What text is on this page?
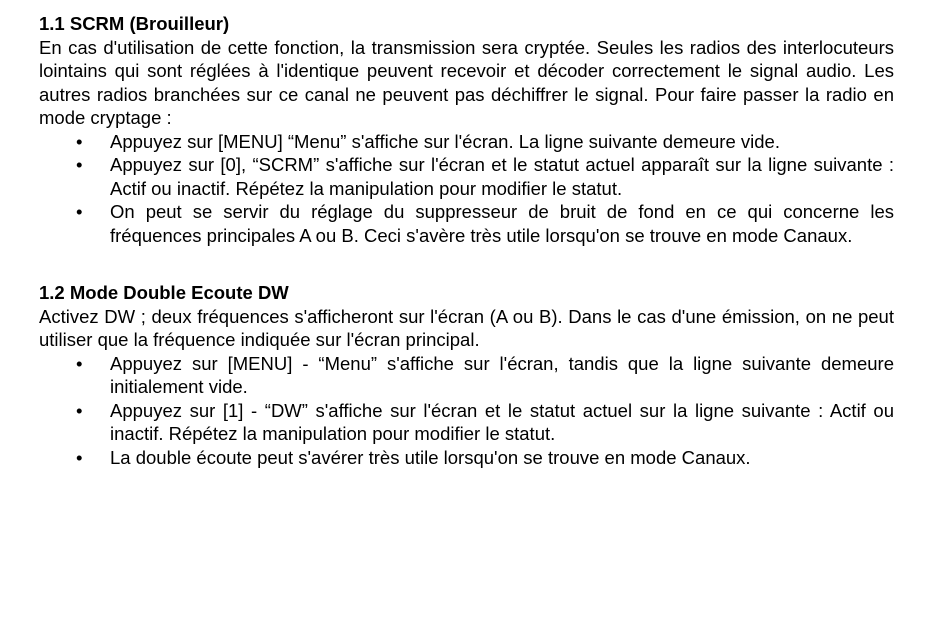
1.1 SCRM (Brouilleur)

En cas d'utilisation de cette fonction, la transmission sera cryptée. Seules les radios des interlocuteurs lointains qui sont réglées à l'identique peuvent recevoir et décoder correctement le signal audio. Les autres radios branchées sur ce canal ne peuvent pas déchiffrer le signal. Pour faire passer la radio en mode cryptage :

• Appuyez sur [MENU] “Menu” s'affiche sur l'écran. La ligne suivante demeure vide.
• Appuyez sur [0], “SCRM” s'affiche sur l'écran et le statut actuel apparaît sur la ligne suivante : Actif ou inactif. Répétez la manipulation pour modifier le statut.
• On peut se servir du réglage du suppresseur de bruit de fond en ce qui concerne les fréquences principales A ou B. Ceci s'avère très utile lorsqu'on se trouve en mode Canaux.
1.2 Mode Double Ecoute DW

Activez DW ; deux fréquences s'afficheront sur l'écran (A ou B). Dans le cas d'une émission, on ne peut utiliser que la fréquence indiquée sur l'écran principal.

• Appuyez sur [MENU] - “Menu” s'affiche sur l'écran, tandis que la ligne suivante demeure initialement vide.
• Appuyez sur [1] - “DW” s'affiche sur l'écran et le statut actuel sur la ligne suivante : Actif ou inactif. Répétez la manipulation pour modifier le statut.
• La double écoute peut s'avérer très utile lorsqu'on se trouve en mode Canaux.
